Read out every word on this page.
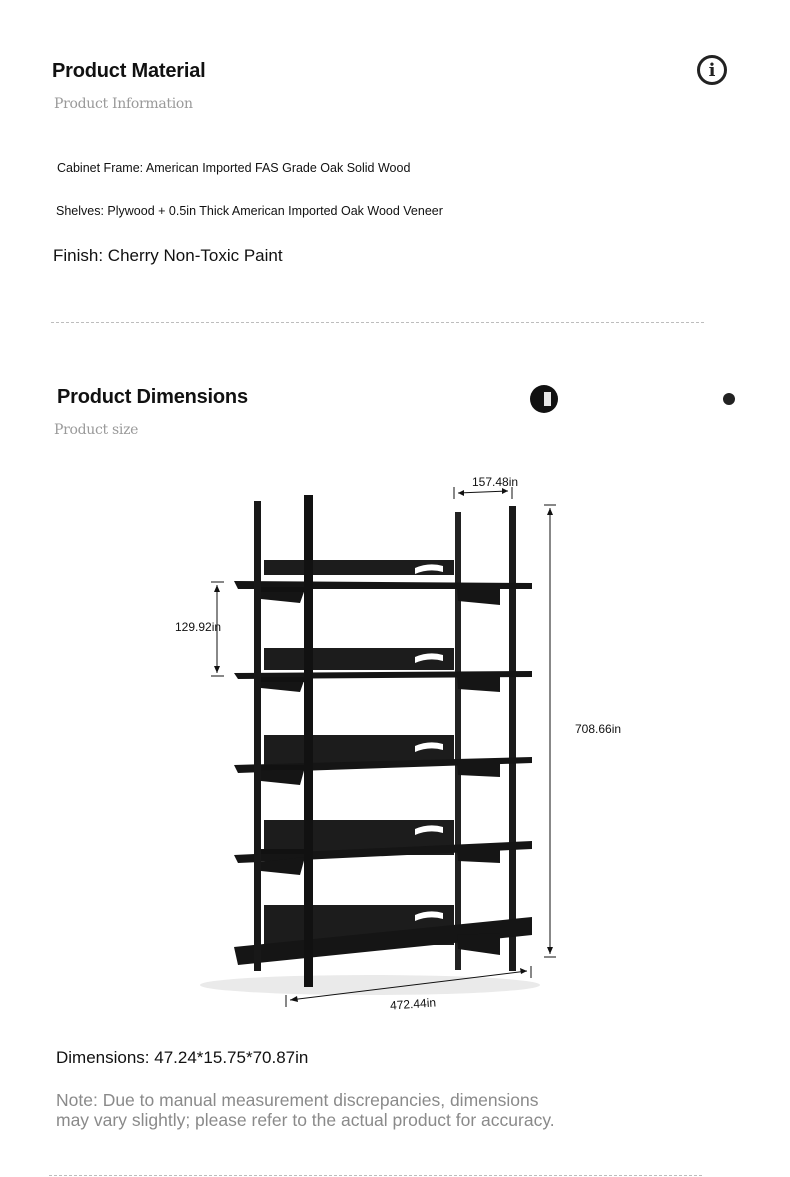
Product Material	i
Product Information
Cabinet Frame: American Imported FAS Grade Oak Solid Wood
Shelves: Plywood + 0.5in Thick American Imported Oak Wood Veneer
Finish: Cherry Non-Toxic Paint
Product Dimensions
Product size
157.48in
129.92in
708.66in
472.44in
Dimensions: 47.24*15.75*70.87in
Note: Due to manual measurement discrepancies, dimensions
may vary slightly; please refer to the actual product for accuracy.
